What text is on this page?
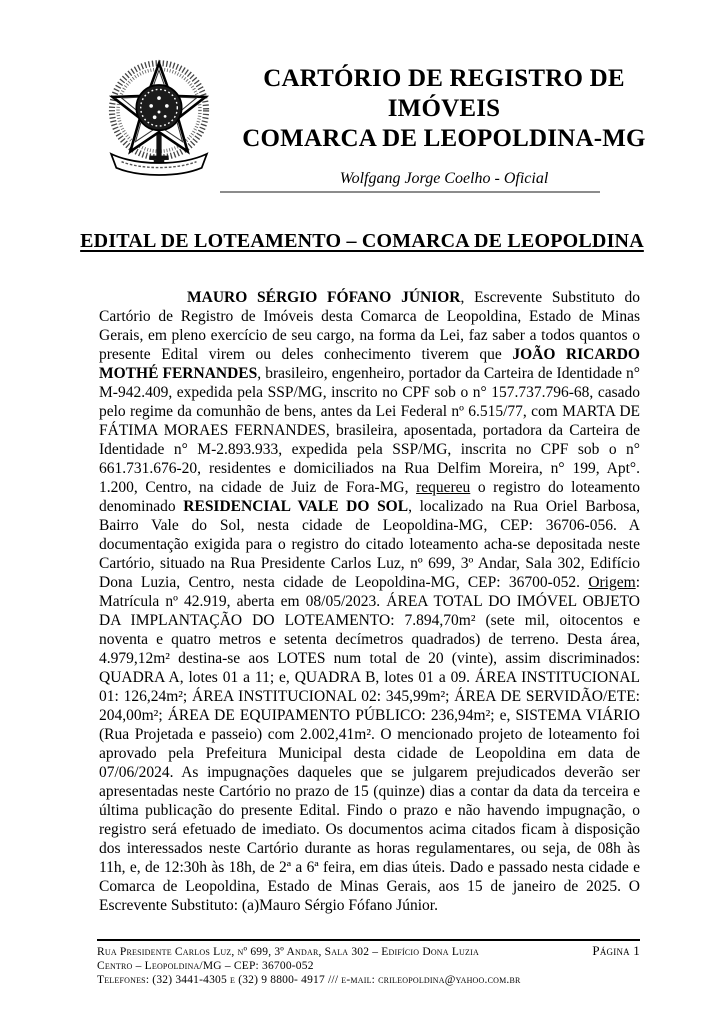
CARTÓRIO DE REGISTRO DE IMÓVEIS
COMARCA DE LEOPOLDINA-MG
Wolfgang Jorge Coelho - Oficial
EDITAL DE LOTEAMENTO – COMARCA DE LEOPOLDINA

MAURO SÉRGIO FÓFANO JÚNIOR, Escrevente Substituto do Cartório de Registro de Imóveis desta Comarca de Leopoldina, Estado de Minas Gerais, em pleno exercício de seu cargo, na forma da Lei, faz saber a todos quantos o presente Edital virem ou deles conhecimento tiverem que JOÃO RICARDO MOTHÉ FERNANDES, brasileiro, engenheiro, portador da Carteira de Identidade n° M-942.409, expedida pela SSP/MG, inscrito no CPF sob o n° 157.737.796-68, casado pelo regime da comunhão de bens, antes da Lei Federal nº 6.515/77, com MARTA DE FÁTIMA MORAES FERNANDES, brasileira, aposentada, portadora da Carteira de Identidade n° M-2.893.933, expedida pela SSP/MG, inscrita no CPF sob o n° 661.731.676-20, residentes e domiciliados na Rua Delfim Moreira, n° 199, Apt°. 1.200, Centro, na cidade de Juiz de Fora-MG, requereu o registro do loteamento denominado RESIDENCIAL VALE DO SOL, localizado na Rua Oriel Barbosa, Bairro Vale do Sol, nesta cidade de Leopoldina-MG, CEP: 36706-056. A documentação exigida para o registro do citado loteamento acha-se depositada neste Cartório, situado na Rua Presidente Carlos Luz, nº 699, 3º Andar, Sala 302, Edifício Dona Luzia, Centro, nesta cidade de Leopoldina-MG, CEP: 36700-052. Origem: Matrícula nº 42.919, aberta em 08/05/2023. ÁREA TOTAL DO IMÓVEL OBJETO DA IMPLANTAÇÃO DO LOTEAMENTO: 7.894,70m² (sete mil, oitocentos e noventa e quatro metros e setenta decímetros quadrados) de terreno. Desta área, 4.979,12m² destina-se aos LOTES num total de 20 (vinte), assim discriminados: QUADRA A, lotes 01 a 11; e, QUADRA B, lotes 01 a 09. ÁREA INSTITUCIONAL 01: 126,24m²; ÁREA INSTITUCIONAL 02: 345,99m²; ÁREA DE SERVIDÃO/ETE: 204,00m²; ÁREA DE EQUIPAMENTO PÚBLICO: 236,94m²; e, SISTEMA VIÁRIO (Rua Projetada e passeio) com 2.002,41m². O mencionado projeto de loteamento foi aprovado pela Prefeitura Municipal desta cidade de Leopoldina em data de 07/06/2024. As impugnações daqueles que se julgarem prejudicados deverão ser apresentadas neste Cartório no prazo de 15 (quinze) dias a contar da data da terceira e última publicação do presente Edital. Findo o prazo e não havendo impugnação, o registro será efetuado de imediato. Os documentos acima citados ficam à disposição dos interessados neste Cartório durante as horas regulamentares, ou seja, de 08h às 11h, e, de 12:30h às 18h, de 2ª a 6ª feira, em dias úteis. Dado e passado nesta cidade e Comarca de Leopoldina, Estado de Minas Gerais, aos 15 de janeiro de 2025. O Escrevente Substituto: (a)Mauro Sérgio Fófano Júnior.

Rua Presidente Carlos Luz, nº 699, 3º Andar, Sala 302 – Edifício Dona Luzia	Página 1
Centro – Leopoldina/MG – CEP: 36700-052
Telefones: (32) 3441-4305 e (32) 9 8800- 4917 /// e-mail: crileopoldina@yahoo.com.br
